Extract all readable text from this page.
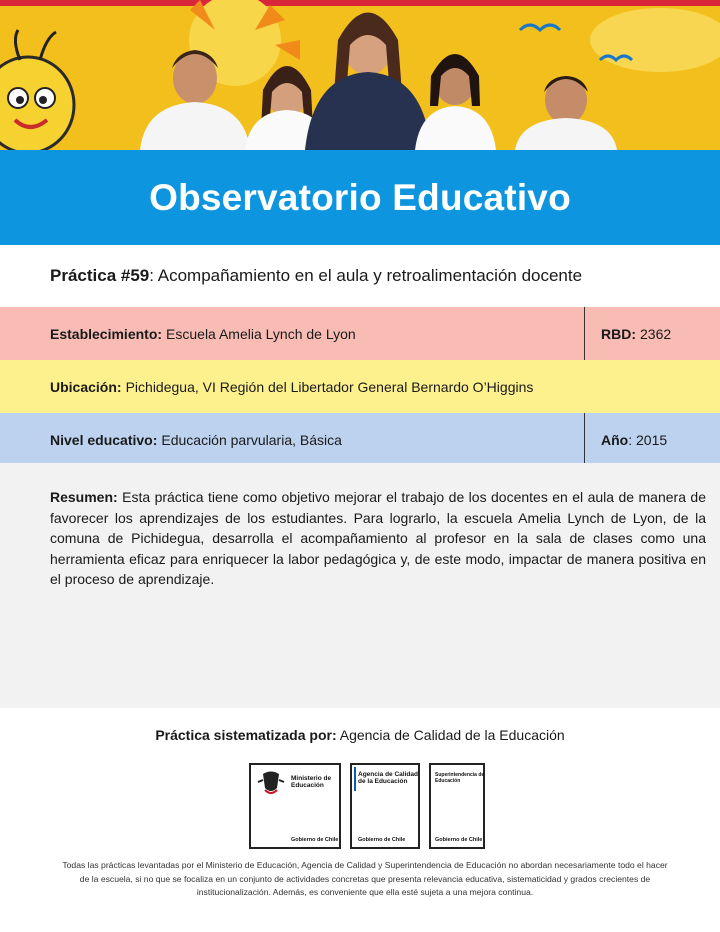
Observatorio Educativo
Práctica #59 : Acompañamiento en el aula y retroalimentación docente
Establecimiento: Escuela Amelia Lynch de Lyon	RBD: 2362
Ubicación: Pichidegua, VI Región del Libertador General Bernardo O’Higgins
Nivel educativo: Educación parvularia, Básica	Año : 2015

Resumen: Esta práctica tiene como objetivo mejorar el trabajo de los docentes en el aula de manera de favorecer los aprendizajes de los estudiantes. Para lograrlo, la escuela Amelia Lynch de Lyon, de la comuna de Pichidegua, desarrolla el acompañamiento al profesor en la sala de clases como una herramienta eficaz para enriquecer la labor pedagógica y, de este modo, impactar de manera positiva en el proceso de aprendizaje.

Práctica sistematizada por: Agencia de Calidad de la Educación
Ministerio de Educación
Gobierno de Chile
Agencia de Calidad de la Educación
Gobierno de Chile
Superintendencia de Educación
Gobierno de Chile
Todas las prácticas levantadas por el Ministerio de Educación, Agencia de Calidad y Superintendencia de Educación no abordan necesariamente todo el hacer de la escuela, si no que se focaliza en un conjunto de actividades concretas que presenta relevancia educativa, sistematicidad y grados crecientes de institucionalización. Además, es conveniente que ella esté sujeta a una mejora continua.
